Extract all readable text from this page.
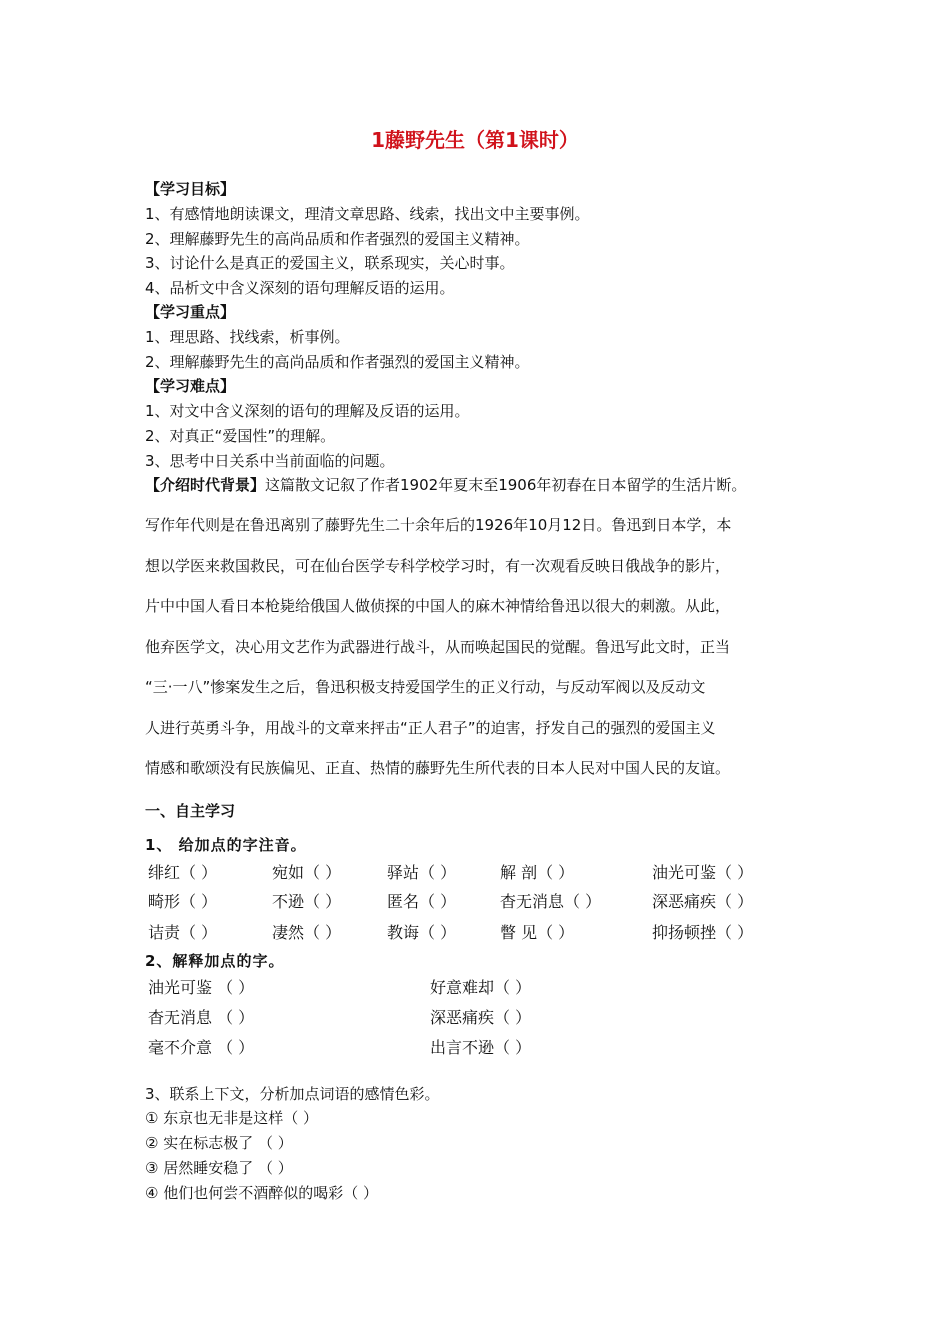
1藤野先生（第1课时）
【学习目标】
1、有感情地朗读课文，理清文章思路、线索，找出文中主要事例。
2、理解藤野先生的高尚品质和作者强烈的爱国主义精神。
3、讨论什么是真正的爱国主义，联系现实，关心时事。
4、品析文中含义深刻的语句理解反语的运用。
【学习重点】
1、理思路、找线索，析事例。
2、理解藤野先生的高尚品质和作者强烈的爱国主义精神。
【学习难点】
1、对文中含义深刻的语句的理解及反语的运用。
2、对真正“爱国性”的理解。
3、思考中日关系中当前面临的问题。
【介绍时代背景】这篇散文记叙了作者1902年夏末至1906年初春在日本留学的生活片断。
写作年代则是在鲁迅离别了藤野先生二十余年后的1926年10月12日。鲁迅到日本学，本
想以学医来救国救民，可在仙台医学专科学校学习时，有一次观看反映日俄战争的影片，
片中中国人看日本枪毙给俄国人做侦探的中国人的麻木神情给鲁迅以很大的刺激。从此，
他弃医学文，决心用文艺作为武器进行战斗，从而唤起国民的觉醒。鲁迅写此文时，正当
“三·一八”惨案发生之后，鲁迅积极支持爱国学生的正义行动，与反动军阀以及反动文
人进行英勇斗争，用战斗的文章来抨击“正人君子”的迫害，抒发自己的强烈的爱国主义
情感和歌颂没有民族偏见、正直、热情的藤野先生所代表的日本人民对中国人民的友谊。
一、自主学习
1、 给加点的字注音。
绯红（ ）	宛如（ ）	驿站（ ）	解 剖（ ）	油光可鉴（ ）
畸形（ ）	不逊（ ）	匿名（ ）	杳无消息（ ）	深恶痛疾（ ）
诘责（ ）	凄然（ ）	教诲（ ）	瞥 见（ ）	抑扬顿挫（ ）
2、解释加点的字。
油光可鉴 （ ）	好意难却（ ）
杳无消息 （ ）	深恶痛疾（ ）
毫不介意 （ ）	出言不逊（ ）
3、联系上下文，分析加点词语的感情色彩。
① 东京也无非是这样（ ）
② 实在标志极了 （ ）
③ 居然睡安稳了 （ ）
④ 他们也何尝不酒醉似的喝彩（ ）
